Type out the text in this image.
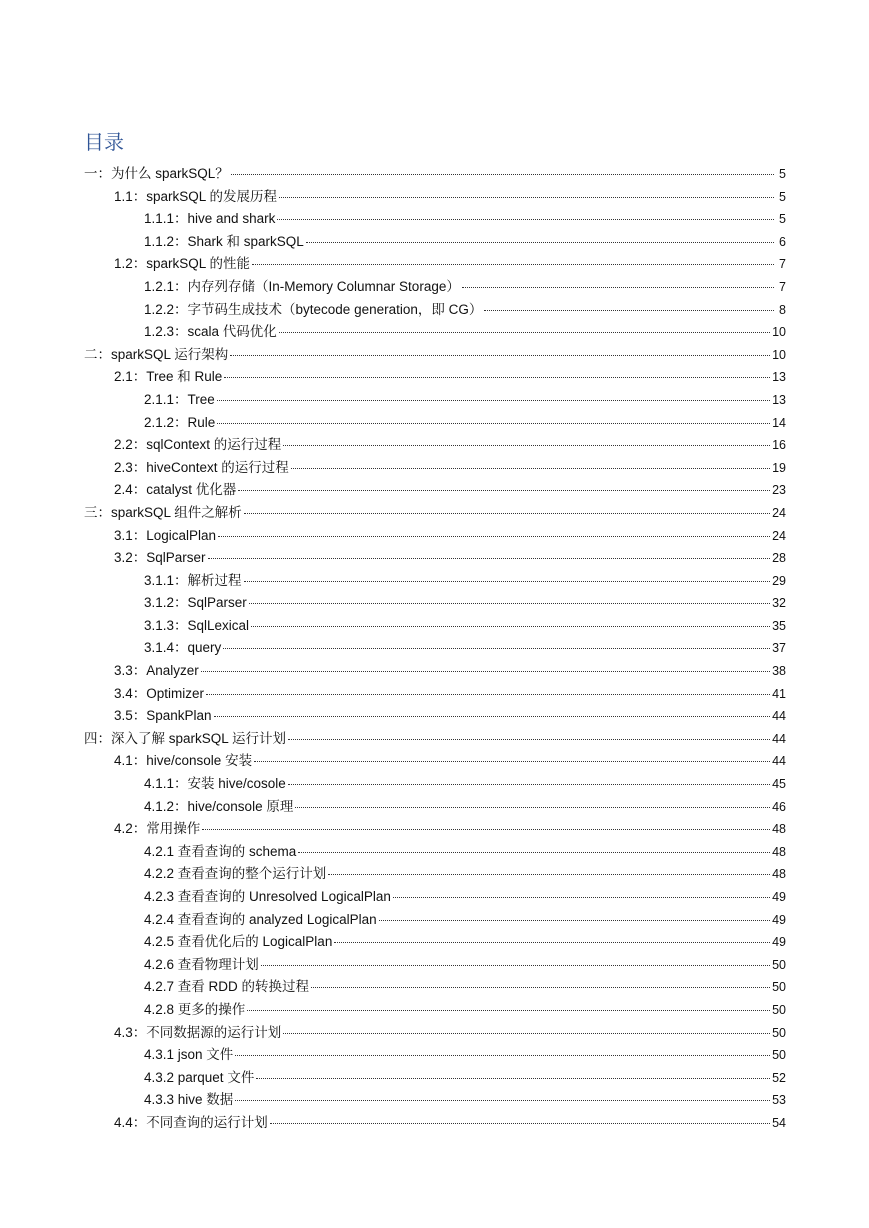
目录
一：为什么 sparkSQL？	5
1.1：sparkSQL 的发展历程	5
1.1.1：hive and shark	5
1.1.2：Shark 和 sparkSQL	6
1.2：sparkSQL 的性能	7
1.2.1：内存列存储（In-Memory Columnar Storage）	7
1.2.2：字节码生成技术（bytecode generation，即 CG）	8
1.2.3：scala 代码优化	10
二：sparkSQL 运行架构	10
2.1：Tree 和 Rule	13
2.1.1：Tree	13
2.1.2：Rule	14
2.2：sqlContext 的运行过程	16
2.3：hiveContext 的运行过程	19
2.4：catalyst 优化器	23
三：sparkSQL 组件之解析	24
3.1：LogicalPlan	24
3.2：SqlParser	28
3.1.1：解析过程	29
3.1.2：SqlParser	32
3.1.3：SqlLexical	35
3.1.4：query	37
3.3：Analyzer	38
3.4：Optimizer	41
3.5：SpankPlan	44
四：深入了解 sparkSQL 运行计划	44
4.1：hive/console 安装	44
4.1.1：安装 hive/cosole	45
4.1.2：hive/console 原理	46
4.2：常用操作	48
4.2.1 查看查询的 schema	48
4.2.2 查看查询的整个运行计划	48
4.2.3 查看查询的 Unresolved LogicalPlan	49
4.2.4 查看查询的 analyzed LogicalPlan	49
4.2.5 查看优化后的 LogicalPlan	49
4.2.6 查看物理计划	50
4.2.7 查看 RDD 的转换过程	50
4.2.8 更多的操作	50
4.3：不同数据源的运行计划	50
4.3.1 json 文件	50
4.3.2 parquet 文件	52
4.3.3 hive 数据	53
4.4：不同查询的运行计划	54
